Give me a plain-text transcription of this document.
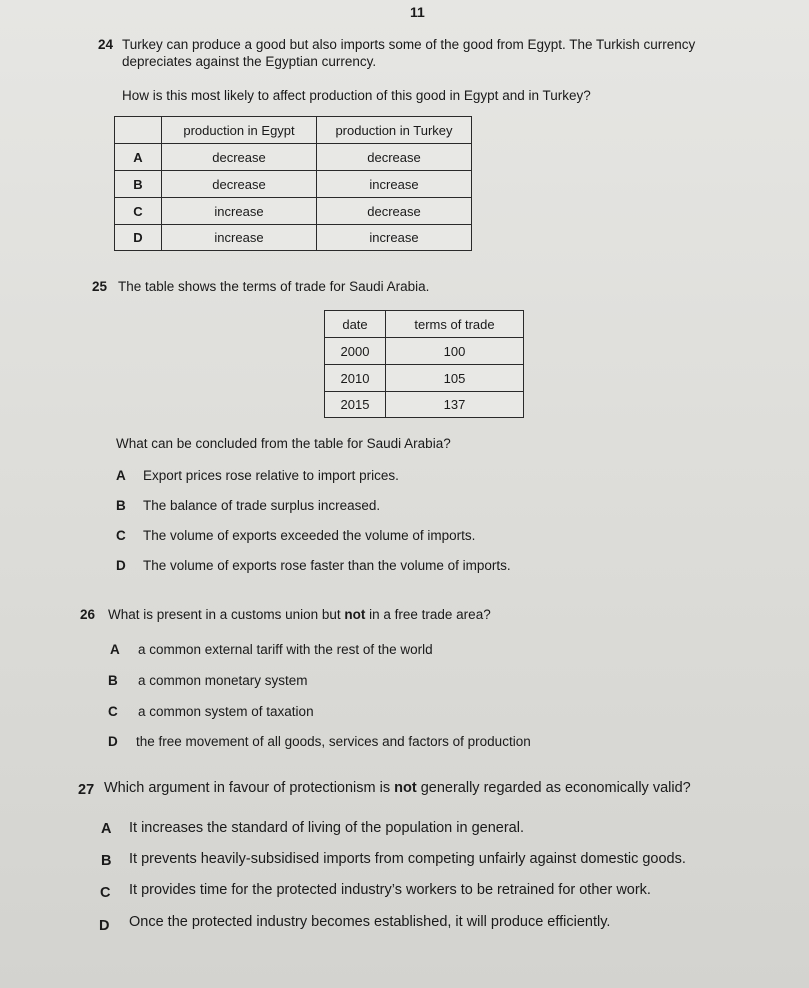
11
24 Turkey can produce a good but also imports some of the good from Egypt. The Turkish currency
depreciates against the Egyptian currency.
How is this most likely to affect production of this good in Egypt and in Turkey?
	production in Egypt	production in Turkey
A	decrease	decrease
B	decrease	increase
C	increase	decrease
D	increase	increase
25 The table shows the terms of trade for Saudi Arabia.
date	terms of trade
2000	100
2010	105
2015	137
What can be concluded from the table for Saudi Arabia?
A Export prices rose relative to import prices.
B The balance of trade surplus increased.
C The volume of exports exceeded the volume of imports.
D The volume of exports rose faster than the volume of imports.
26 What is present in a customs union but not in a free trade area?
A a common external tariff with the rest of the world
B a common monetary system
C a common system of taxation
D the free movement of all goods, services and factors of production
27 Which argument in favour of protectionism is not generally regarded as economically valid?
A It increases the standard of living of the population in general.
B It prevents heavily-subsidised imports from competing unfairly against domestic goods.
C It provides time for the protected industry’s workers to be retrained for other work.
D Once the protected industry becomes established, it will produce efficiently.
